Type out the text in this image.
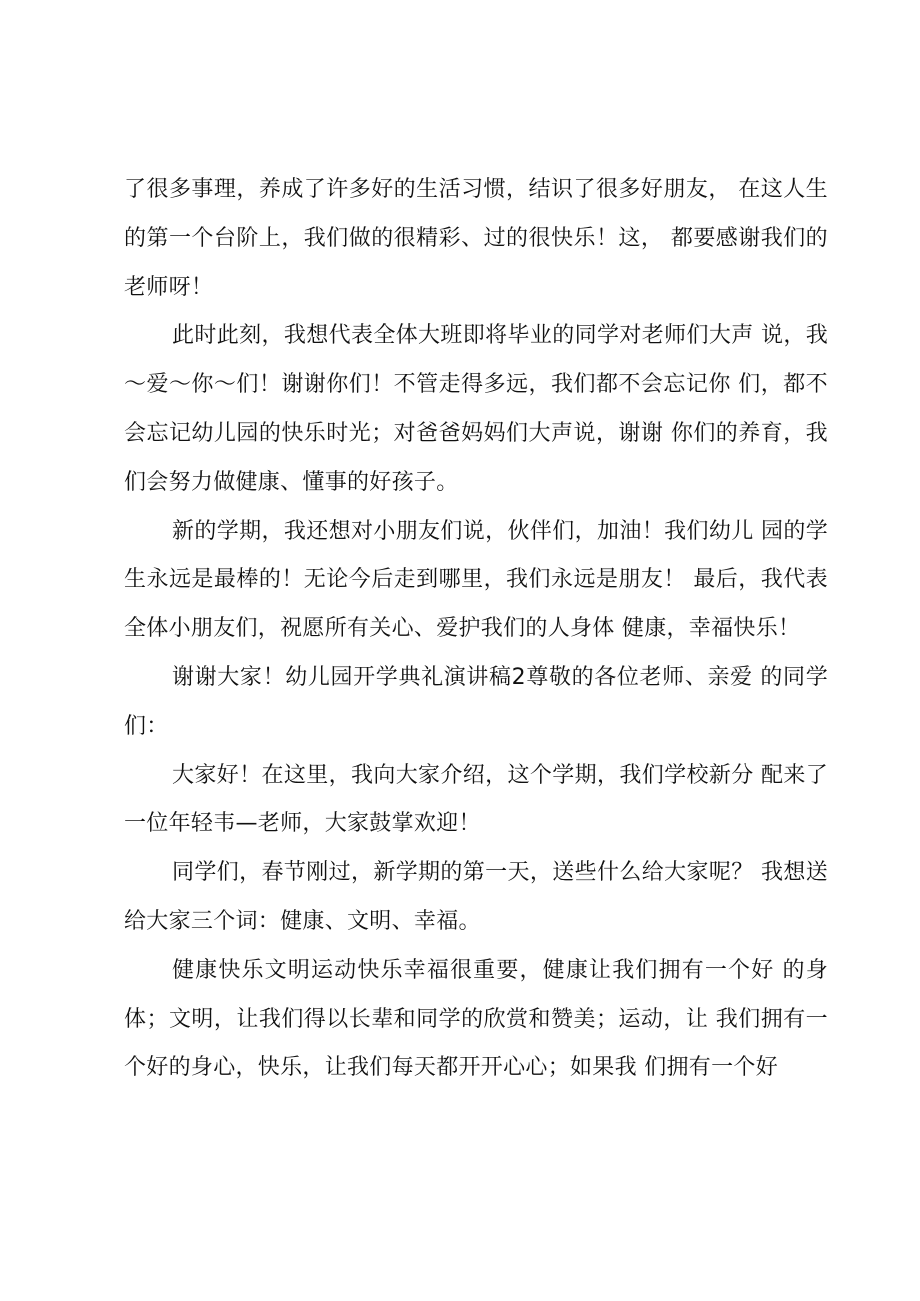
了很多事理，养成了许多好的生活习惯，结识了很多好朋友， 在这人生的第一个台阶上，我们做的很精彩、过的很快乐！这， 都要感谢我们的老师呀！

此时此刻，我想代表全体大班即将毕业的同学对老师们大声 说，我～爱～你～们！谢谢你们！不管走得多远，我们都不会忘记你 们，都不会忘记幼儿园的快乐时光；对爸爸妈妈们大声说，谢谢 你们的养育，我们会努力做健康、懂事的好孩子。

新的学期，我还想对小朋友们说，伙伴们，加油！我们幼儿 园的学生永远是最棒的！无论今后走到哪里，我们永远是朋友！ 最后，我代表全体小朋友们，祝愿所有关心、爱护我们的人身体 健康，幸福快乐！

谢谢大家！幼儿园开学典礼演讲稿2尊敬的各位老师、亲爱 的同学们：

大家好！在这里，我向大家介绍，这个学期，我们学校新分 配来了一位年轻韦—老师，大家鼓掌欢迎！

同学们，春节刚过，新学期的第一天，送些什么给大家呢？ 我想送给大家三个词：健康、文明、幸福。

健康快乐文明运动快乐幸福很重要，健康让我们拥有一个好 的身体；文明，让我们得以长辈和同学的欣赏和赞美；运动，让 我们拥有一个好的身心，快乐，让我们每天都开开心心；如果我 们拥有一个好
